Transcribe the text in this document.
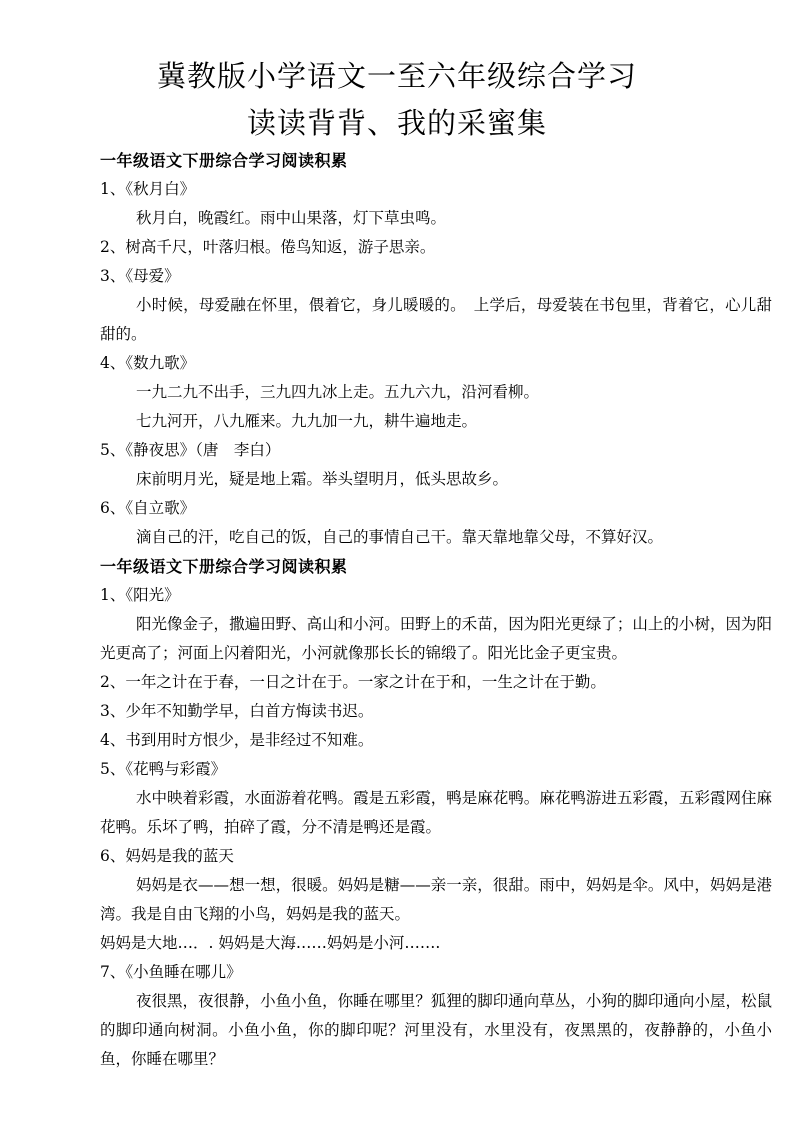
冀教版小学语文一至六年级综合学习
读读背背、我的采蜜集

一年级语文下册综合学习阅读积累

1、《秋月白》

秋月白，晚霞红。雨中山果落，灯下草虫鸣。

2、树高千尺，叶落归根。倦鸟知返，游子思亲。

3、《母爱》

小时候，母爱融在怀里，偎着它，身儿暖暖的。　上学后，母爱装在书包里，背着它，心儿甜甜的。

4、《数九歌》

一九二九不出手，三九四九冰上走。五九六九，沿河看柳。

七九河开，八九雁来。九九加一九，耕牛遍地走。

5、《静夜思》（唐　李白）

床前明月光，疑是地上霜。举头望明月，低头思故乡。

6、《自立歌》

滴自己的汗，吃自己的饭，自己的事情自己干。靠天靠地靠父母，不算好汉。

一年级语文下册综合学习阅读积累

1、《阳光》

阳光像金子，撒遍田野、高山和小河。田野上的禾苗，因为阳光更绿了；山上的小树，因为阳光更高了；河面上闪着阳光，小河就像那长长的锦缎了。阳光比金子更宝贵。

2、一年之计在于春，一日之计在于。一家之计在于和，一生之计在于勤。

3、少年不知勤学早，白首方悔读书迟。

4、书到用时方恨少，是非经过不知难。

5、《花鸭与彩霞》

水中映着彩霞，水面游着花鸭。霞是五彩霞，鸭是麻花鸭。麻花鸭游进五彩霞，五彩霞网住麻花鸭。乐坏了鸭，拍碎了霞，分不清是鸭还是霞。

6、妈妈是我的蓝天

妈妈是衣——想一想，很暖。妈妈是糖——亲一亲，很甜。雨中，妈妈是伞。风中，妈妈是港湾。我是自由飞翔的小鸟，妈妈是我的蓝天。

妈妈是大地…．. 妈妈是大海……妈妈是小河…….

7、《小鱼睡在哪儿》

夜很黑，夜很静，小鱼小鱼，你睡在哪里？狐狸的脚印通向草丛，小狗的脚印通向小屋，松鼠的脚印通向树洞。小鱼小鱼，你的脚印呢？河里没有，水里没有，夜黑黑的，夜静静的，小鱼小鱼，你睡在哪里？
